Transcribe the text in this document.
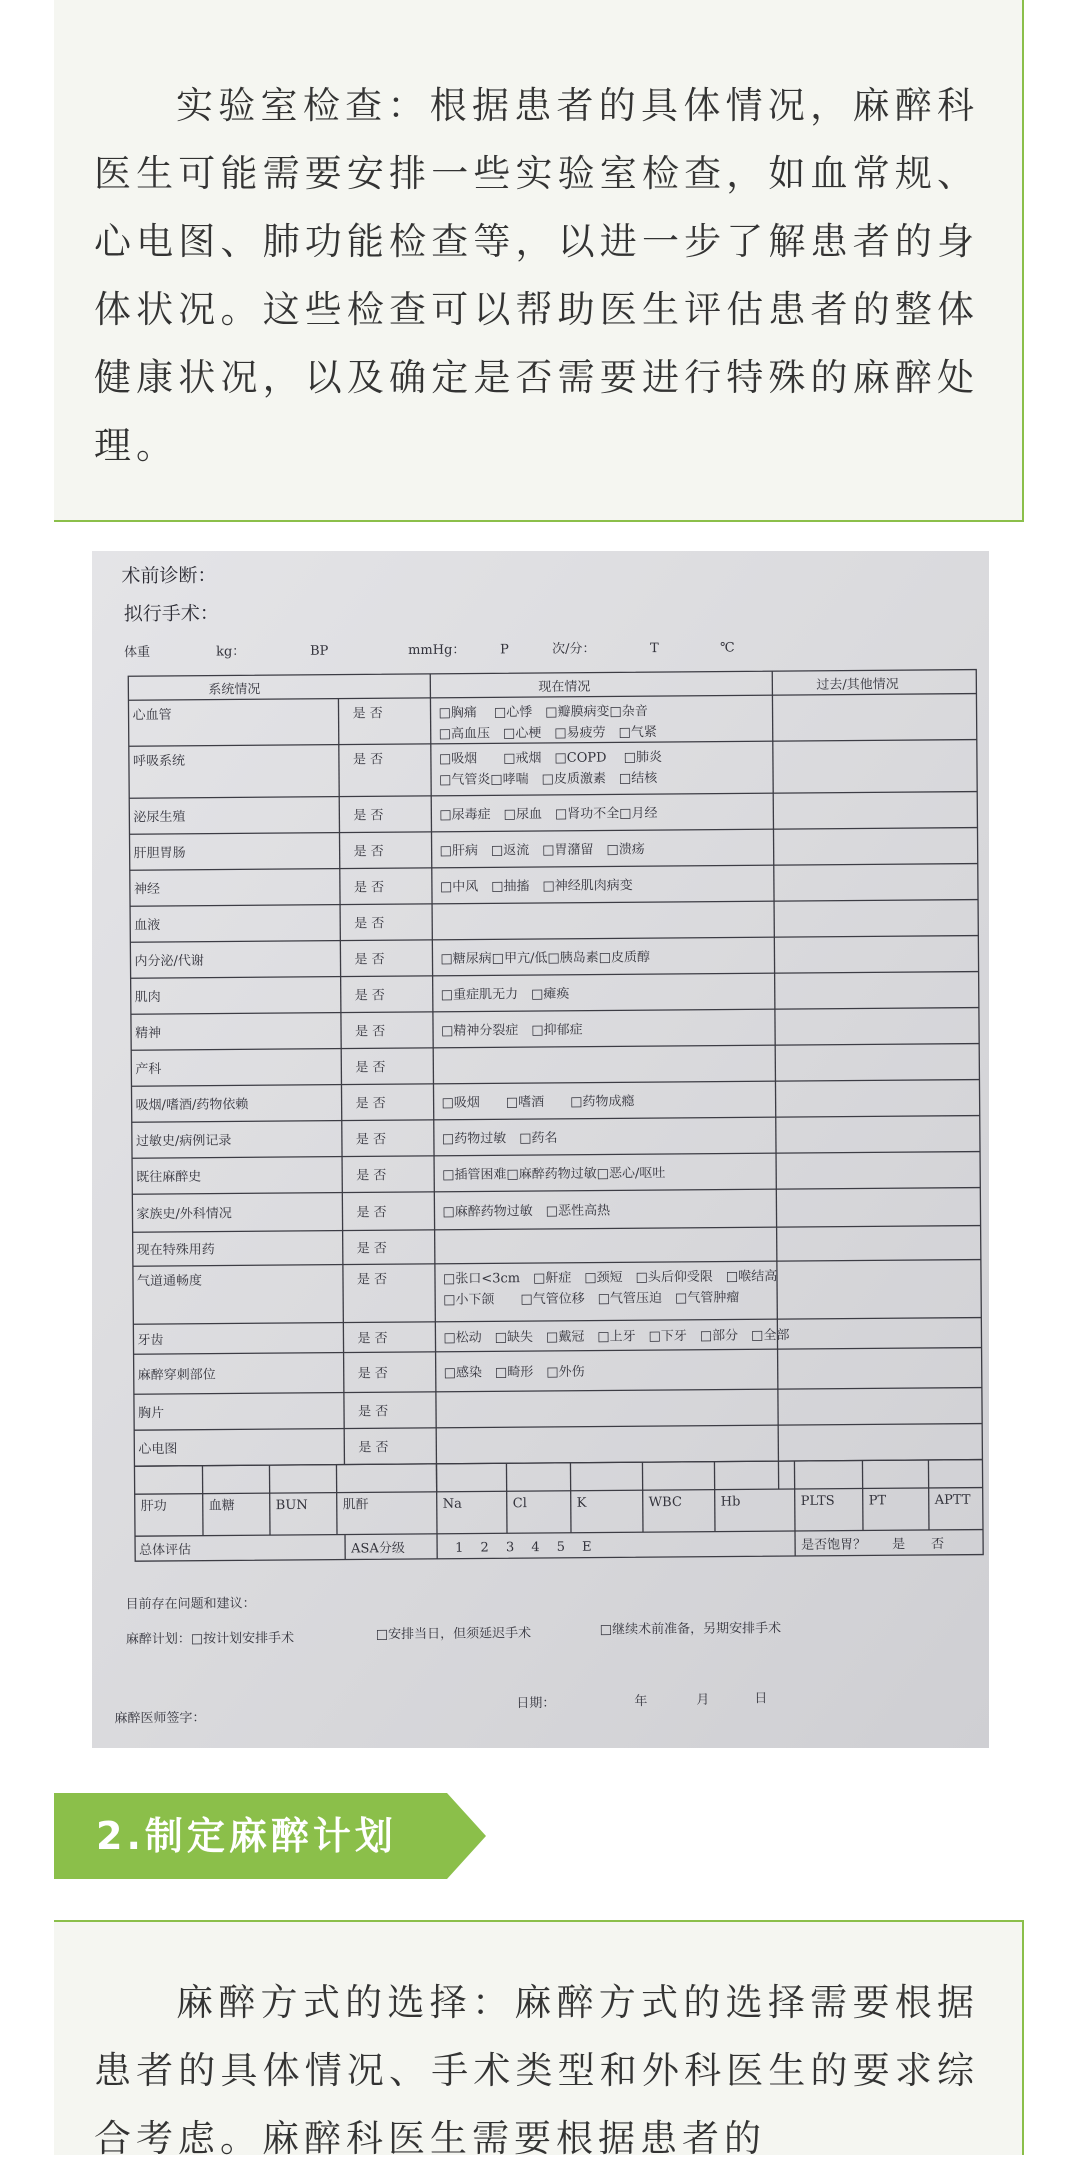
实验室检查：根据患者的具体情况，麻醉科医生可能需要安排一些实验室检查，如血常规、心电图、肺功能检查等，以进一步了解患者的身体状况。这些检查可以帮助医生评估患者的整体健康状况，以及确定是否需要进行特殊的麻醉处理。

术前诊断：
拟行手术：
体重	kg：	BP	mmHg：	P	次/分：	T	℃
系统情况	现在情况	过去/其他情况
心血管	是 否	□胸痛　 □心悸　□瓣膜病变□杂音
□高血压　□心梗　□易疲劳　□气紧
呼吸系统	是 否	□吸烟　　□戒烟　□COPD　 □肺炎
□气管炎□哮喘　□皮质激素　□结核
泌尿生殖	是 否	□尿毒症　□尿血　□肾功不全□月经
肝胆胃肠	是 否	□肝病　□返流　□胃潴留　□溃疡
神经	是 否	□中风　□抽搐　□神经肌肉病变
血液	是 否
内分泌/代谢	是 否	□糖尿病□甲亢/低□胰岛素□皮质醇
肌肉	是 否	□重症肌无力　□瘫痪
精神	是 否	□精神分裂症　□抑郁症
产科	是 否
吸烟/嗜酒/药物依赖	是 否	□吸烟　　□嗜酒　　□药物成瘾
过敏史/病例记录	是 否	□药物过敏　□药名
既往麻醉史	是 否	□插管困难□麻醉药物过敏□恶心/呕吐
家族史/外科情况	是 否	□麻醉药物过敏　□恶性高热
现在特殊用药	是 否
气道通畅度	是 否	□张口<3cm　□鼾症　□颈短　□头后仰受限　□喉结高
□小下颌　　□气管位移　□气管压迫　□气管肿瘤
牙齿	是 否	□松动　□缺失　□戴冠　□上牙　□下牙　□部分　□全部
麻醉穿刺部位	是 否	□感染　□畸形　□外伤
胸片	是 否
心电图	是 否
肝功	血糖	BUN	肌酐	Na	Cl	K	WBC	Hb	PLTS	PT	APTT
总体评估	ASA分级	1　 2　 3　 4　 5　 E	是否饱胃？　　是　　否
目前存在问题和建议：
麻醉计划：□按计划安排手术	□安排当日，但须延迟手术	□继续术前准备，另期安排手术
日期：	年	月	日
麻醉医师签字：
2.制定麻醉计划

麻醉方式的选择：麻醉方式的选择需要根据患者的具体情况、手术类型和外科医生的要求综合考虑。麻醉科医生需要根据患者的
